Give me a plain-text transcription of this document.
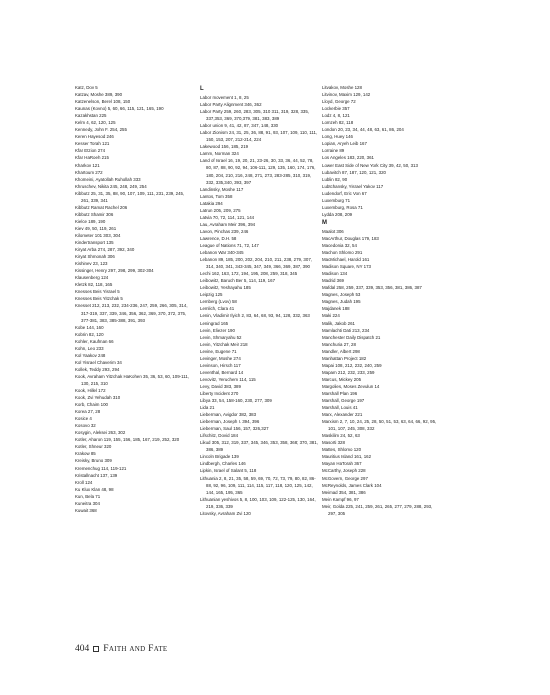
Katz, Dov 5
Katzav, Moshe 389, 390
Katzenelson, Berel 108, 150
Kaunas (Kovno) 5, 60, 66, 115, 121, 165, 190
Kazakhstan 225
Kelm 4, 62, 120, 125
Kennedy, John F. 254, 255
Keren Hayesod 246
Kesser Torah 121
Kfar Etzion 274
Kfar HaRoeh 215
Kharkov 121
Khartoum 272
Khomeini, Ayatollah Ruhollah 333
Khruschev, Nikita 245, 248, 249, 254
Kibbutz 25, 31, 35, 88, 90, 107, 109, 111, 231, 239, 245, 261, 339, 341
Kibbutz Ramat Rachel 206
Kibbutz Shamir 306
Kielce 189, 190
Kiev 49, 50, 119, 261
Kilometer 101 303, 304
Kindertransport 135
Kiryat Arba 274, 287, 392, 340
Kiryat Shmonah 306
Kishinev 23, 123
Kissinger, Henry 297, 298, 299, 302-304
Klausenberg 124
Kletzk 82, 118, 165
Knesses Beis Yisrael 5
Knesses Beis Yitzchak 5
Knesset 212, 213, 232, 234-236, 247, 259, 266, 305, 314, 317-319, 337, 339, 346, 356, 362, 369, 370, 372, 375, 377-381, 383, 385-388, 391, 393
Kobe 144, 160
Kobrin 82, 120
Kohler, Kaufman 66
Kohn, Leo 233
Kol Yaakov 248
Kol Yisrael Chaverim 34
Kollek, Teddy 293, 294
Kook, Avraham Yitzchak HaKohen 35, 36, 53, 60, 109-111, 130, 215, 310
Kook, Hillel 172
Kook, Zvi Yehudah 310
Korb, Chaim 100
Korea 27, 28
Kosice 4
Kosovo 32
Kosygin, Aleksei 263, 302
Kotler, Aharon 119, 155, 156, 185, 167, 219, 252, 320
Kotler, Shneur 320
Krakow 85
Kreisky, Bruno 309
Kremenchug 114, 119-121
Kristallnacht 137, 139
Kroll 124
Ku Klux Klan 48, 98
Kun, Bela 71
Kuneitra 304
Kuwait 368
L
Labor movement 1, 8, 25
Labor Party Alignment 346, 362
Labor Party 259, 260, 283, 305, 310 311, 319, 328, 335, 337,353, 369, 370,379, 381, 383, 389
Labor union 9, 41, 42, 87, 347, 148, 330
Labor Zionism 24, 31, 25, 36, 88, 91, 93, 107, 109, 110, 111, 150, 153, 207, 212-214, 224
Lakewood 156, 185, 219
Lamm, Norman 324
Land of Israel 16, 19, 20, 21, 23-26, 30, 33, 36, 44, 52, 78, 80, 87, 88, 90, 92, 94, 106-111, 129, 135, 160, 174, 176, 180, 204, 210, 216, 248, 271, 273, 283-285, 310, 319, 332, 335,340, 393, 397
Landinsky, Moshe 117
Lantos, Tom 358
Latakia 294
Latrun 205, 209, 275
Latvia 70, 72, 114, 121, 144
Lau, Avraham Meir 396, 394
Lavon, Pinchas 239, 246
Lawrence, D.H. 58
League of Nations 71, 72, 147
Lebanon War 340-345
Lebanon 89, 185, 200, 202, 204, 210, 211, 238, 279, 307, 314, 340, 341, 343-345, 347, 349, 366, 369, 387, 390
Lechi 162, 163, 172, 194, 195, 208, 259, 318, 345
Leibowitz, Baruch Ber 5, 114, 119, 167
Leibowitz, Yeshayahu 185
Leipzig 125
Lemberg (Lvov) 58
Lemlich, Clara 41
Lenin, Vladimir Ilyich 2, 83, 64, 68, 93, 94, 128, 332, 363
Leningrad 165
Levin, Eliezer 190
Levin, Shmaryahu 52
Levin, Yitzchak Meir 218
Levine, Eugene 71
Levinger, Moshe 274
Levinson, Hirsch 117
Leventhal, Bernard 14
Levovitz, Yeruchem 114, 115
Levy, David 383, 389
Liberty Incident 270
Libya 33, 54, 158-160, 230, 277, 309
Lida 21
Lieberman, Avigdor 382, 383
Lieberman, Joseph I. 394, 396
Lieberman, Saul 156, 157, 326,327
Lifschitz, Dovid 184
Likud 305, 312, 319, 337, 345, 346, 353, 358, 368; 370, 381, 386, 389
Lincoln Brigade 139
Lindbergh, Charles 146
Lipkin, Israel of Salant 5, 118
Lithuania 2, 8, 21, 35, 58, 59, 69, 70, 72, 73, 79, 80, 82, 86-88, 92, 96, 109, 111, 114, 115, 117, 118, 120, 125, 142, 144, 165, 195, 365
Lithuanian yeshivos 5, 8, 100, 103, 109, 122-125, 130, 164, 219, 336, 339
Litovsky, Avraham Zvi 120
Litvakov, Moshe 128
Litvinov, Maxim 129, 142
Lloyd, George 72
Lockerbie 357
Lodz 4, 8, 121
Lomzeh 82, 118
London 20, 23, 34, 44, 48, 63, 61, 86, 204
Long, Huey 146
Lopian, Aryeh Leib 167
Lorraine 89
Los Angeles 183, 220, 361
Lower East Side of New York City 39, 42, 50, 313
Lubavitch 87, 187, 120, 121, 320
Lublin 82, 90
Lubtchansky, Yisrael Yakov 117
Ludendorf, Eric Von 67
Luxemburg 71
Luxemburg, Rosa 71
Lydda 208, 209
M
Maalot 306
MacArthur, Douglas 179, 183
Macedonia 32, 54
Machon Shlomo 291
MacMichael, Harold 161
Madison Square, NY 173
Madison 134
Madrid 369
Mafdal 258, 259, 337, 339, 353, 356, 381, 386, 387
Magnes, Joseph 53
Magnes, Judah 195
Majdanek 188
Maki 224
Malik, Jakob 261
Mamlachti Dati 213, 234
Manchester Daily Dispatch 21
Manchuria 27, 28
Mandler, Albert 298
Manhattan Project 182
Mapai 108, 212, 232, 240, 259
Mapam 212, 232, 233, 259
Marcus, Mickey 205
Margolies, Moses Zevulun 14
Marshall Plan 196
Marshall, George 197
Marshall, Louis 41
Marx, Alexander 221
Marxism 2, 7, 10, 24, 25, 28, 50, 51, 53, 63, 64, 66, 92, 95, 101, 107, 245, 308, 332
Maskilim 24, 52, 63
Masorti 328
Mattes, Shlomo 120
Mauritius Island 161, 162
Mayan HaTorah 367
McCarthy, Joseph 228
McGovern, George 297
McReynolds, James Clark 104
Meimad 354, 381, 386
Mein Kampf 96, 97
Meir, Golda 225, 241, 259, 261, 265, 277, 279, 288, 293, 297, 305
404 Faith and Fate
